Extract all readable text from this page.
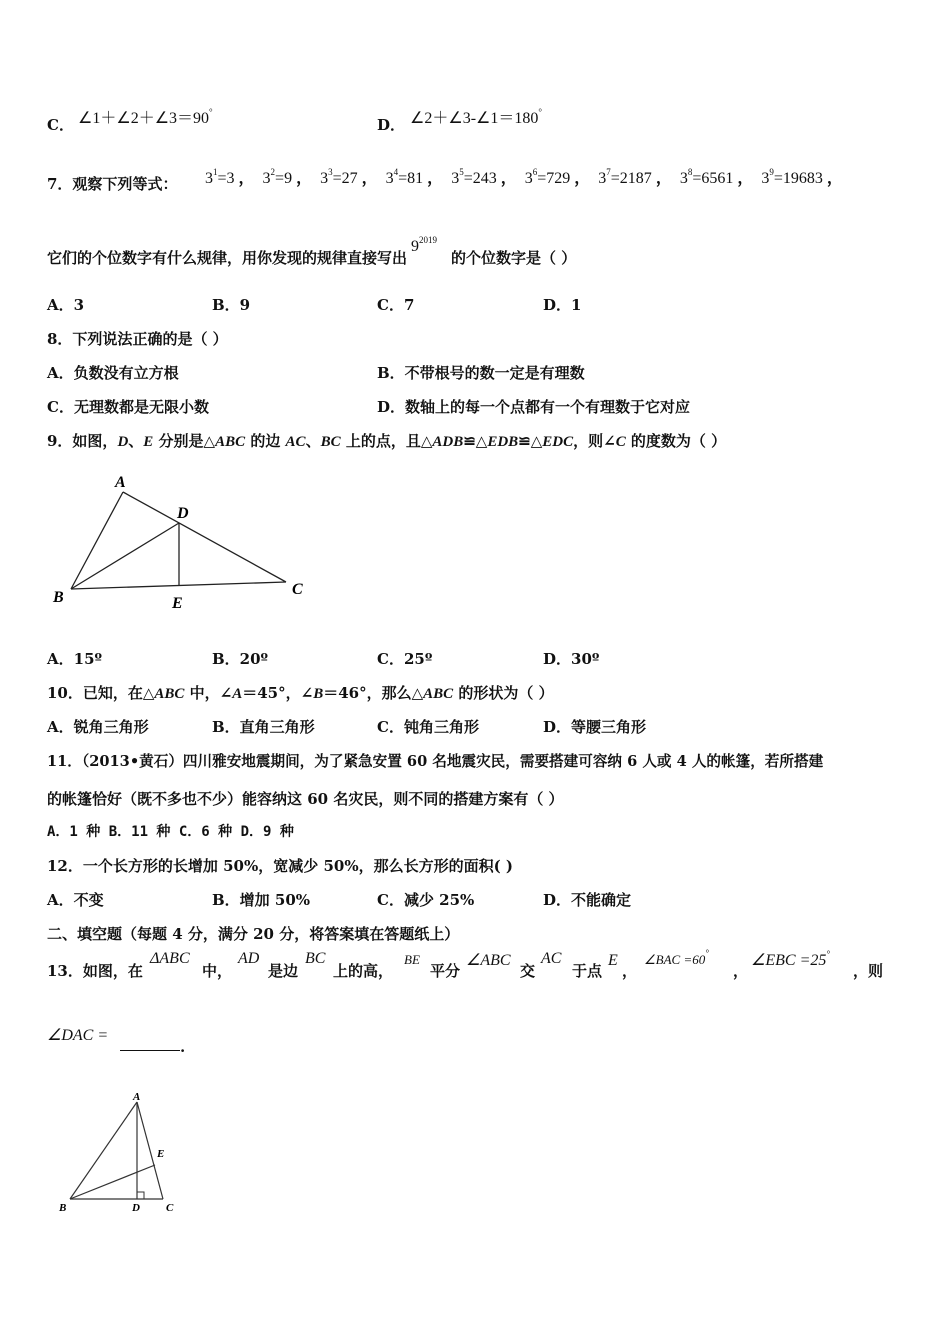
C． ∠1＋∠2＋∠3＝90°
D． ∠2＋∠3-∠1＝180°
7．观察下列等式： $3^1=3$ ， $3^2=9$ ， $3^3=27$ ， $3^4=81$ ， $3^5=243$ ， $3^6=729$ ， $3^7=2187$ ， $3^8=6561$ ， $3^9=19683$ ，
它们的个位数字有什么规律，用你发现的规律直接写出$9^{2019}$的个位数字是（ ）
A．3	B．9	C．7	D．1
8．下列说法正确的是（ ）
A．负数没有立方根	B．不带根号的数一定是有理数
C．无理数都是无限小数	D．数轴上的每一个点都有一个有理数于它对应
9．如图，D、E 分别是△ABC 的边 AC、BC 上的点，且△ADB≌△EDB≌△EDC，则∠C 的度数为（ ）
A
D
B	E
C
A．15º	B．20º	C．25º	D．30º
10．已知，在△ABC 中，∠A＝45°，∠B＝46°，那么△ABC 的形状为（ ）
A．锐角三角形	B．直角三角形	C．钝角三角形	D．等腰三角形
11．（2013•黄石）四川雅安地震期间，为了紧急安置 60 名地震灾民，需要搭建可容纳 6 人或 4 人的帐篷，若所搭建
的帐篷恰好（既不多也不少）能容纳这 60 名灾民，则不同的搭建方案有（ ）
A．1 种 B．11 种 C．6 种 D．9 种
12．一个长方形的长增加 50%，宽减少 50%，那么长方形的面积( )
A．不变	B．增加 50%	C．减少 25%	D．不能确定
二、填空题（每题 4 分，满分 20 分，将答案填在答题纸上）
13．如图，在
ΔABC
中，
AD
是边
BC
上的高，
BE
平分
∠ABC
交
AC
于点
E
，
∠BAC =60°
，
∠EBC =25°
，则
∠DAC =
.
A
E
B	D C
